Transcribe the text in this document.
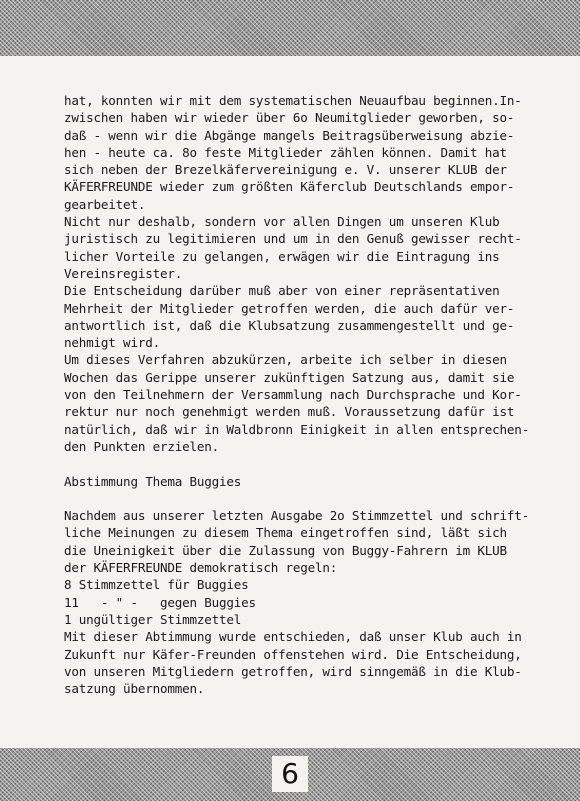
hat, konnten wir mit dem systematischen Neuaufbau beginnen.In-
zwischen haben wir wieder über 6o Neumitglieder geworben, so-
daß - wenn wir die Abgänge mangels Beitragsüberweisung abzie-
hen - heute ca. 8o feste Mitglieder zählen können. Damit hat
sich neben der Brezelkäfervereinigung e. V. unserer KLUB der
KÄFERFREUNDE wieder zum größten Käferclub Deutschlands empor-
gearbeitet.
Nicht nur deshalb, sondern vor allen Dingen um unseren Klub
juristisch zu legitimieren und um in den Genuß gewisser recht-
licher Vorteile zu gelangen, erwägen wir die Eintragung ins
Vereinsregister.
Die Entscheidung darüber muß aber von einer repräsentativen
Mehrheit der Mitglieder getroffen werden, die auch dafür ver-
antwortlich ist, daß die Klubsatzung zusammengestellt und ge-
nehmigt wird.
Um dieses Verfahren abzukürzen, arbeite ich selber in diesen
Wochen das Gerippe unserer zukünftigen Satzung aus, damit sie
von den Teilnehmern der Versammlung nach Durchsprache und Kor-
rektur nur noch genehmigt werden muß. Voraussetzung dafür ist
natürlich, daß wir in Waldbronn Einigkeit in allen entsprechen-
den Punkten erzielen.
Abstimmung Thema Buggies
Nachdem aus unserer letzten Ausgabe 2o Stimmzettel und schrift-
liche Meinungen zu diesem Thema eingetroffen sind, läßt sich
die Uneinigkeit über die Zulassung von Buggy-Fahrern im KLUB
der KÄFERFREUNDE demokratisch regeln:
8 Stimmzettel für Buggies
11   - " -   gegen Buggies
1 ungültiger Stimmzettel
Mit dieser Abtimmung wurde entschieden, daß unser Klub auch in
Zukunft nur Käfer-Freunden offenstehen wird. Die Entscheidung,
von unseren Mitgliedern getroffen, wird sinngemäß in die Klub-
satzung übernommen.
6
